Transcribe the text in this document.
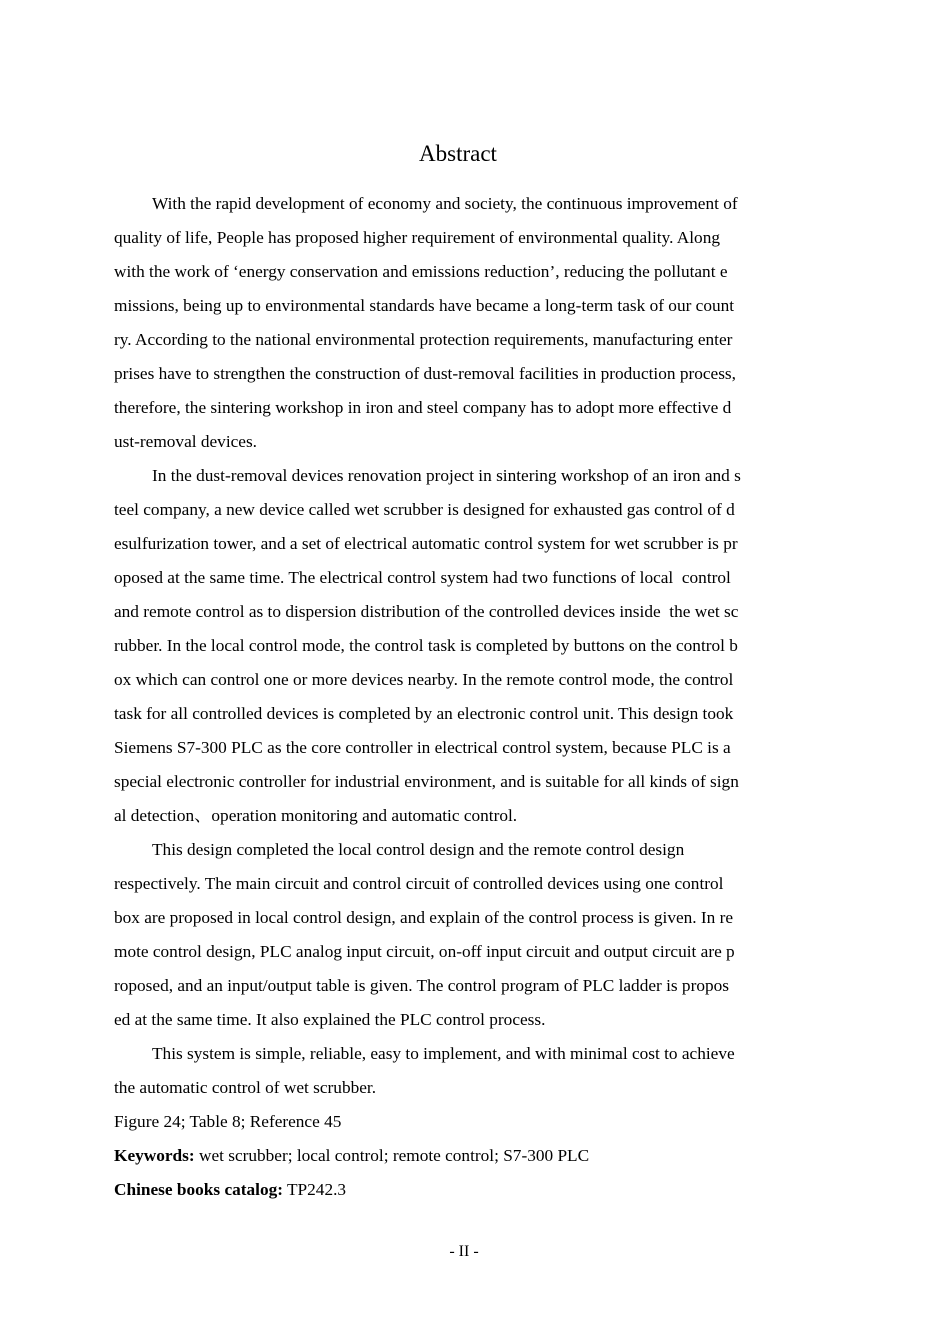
Abstract
With the rapid development of economy and society, the continuous improvement of
quality of life, People has proposed higher requirement of environmental quality. Along
with the work of ‘energy conservation and emissions reduction’, reducing the pollutant e
missions, being up to environmental standards have became a long-term task of our count
ry. According to the national environmental protection requirements, manufacturing enter
prises have to strengthen the construction of dust-removal facilities in production process,
therefore, the sintering workshop in iron and steel company has to adopt more effective d
ust-removal devices.
In the dust-removal devices renovation project in sintering workshop of an iron and s
teel company, a new device called wet scrubber is designed for exhausted gas control of d
esulfurization tower, and a set of electrical automatic control system for wet scrubber is pr
oposed at the same time. The electrical control system had two functions of local  control
and remote control as to dispersion distribution of the controlled devices inside  the wet sc
rubber. In the local control mode, the control task is completed by buttons on the control b
ox which can control one or more devices nearby. In the remote control mode, the control
task for all controlled devices is completed by an electronic control unit. This design took
Siemens S7-300 PLC as the core controller in electrical control system, because PLC is a
special electronic controller for industrial environment, and is suitable for all kinds of sign
al detection、operation monitoring and automatic control.
This design completed the local control design and the remote control design
respectively. The main circuit and control circuit of controlled devices using one control
box are proposed in local control design, and explain of the control process is given. In re
mote control design, PLC analog input circuit, on-off input circuit and output circuit are p
roposed, and an input/output table is given. The control program of PLC ladder is propos
ed at the same time. It also explained the PLC control process.
This system is simple, reliable, easy to implement, and with minimal cost to achieve
the automatic control of wet scrubber.
Figure 24; Table 8; Reference 45
Keywords: wet scrubber; local control; remote control; S7-300 PLC
Chinese books catalog: TP242.3
- II -
